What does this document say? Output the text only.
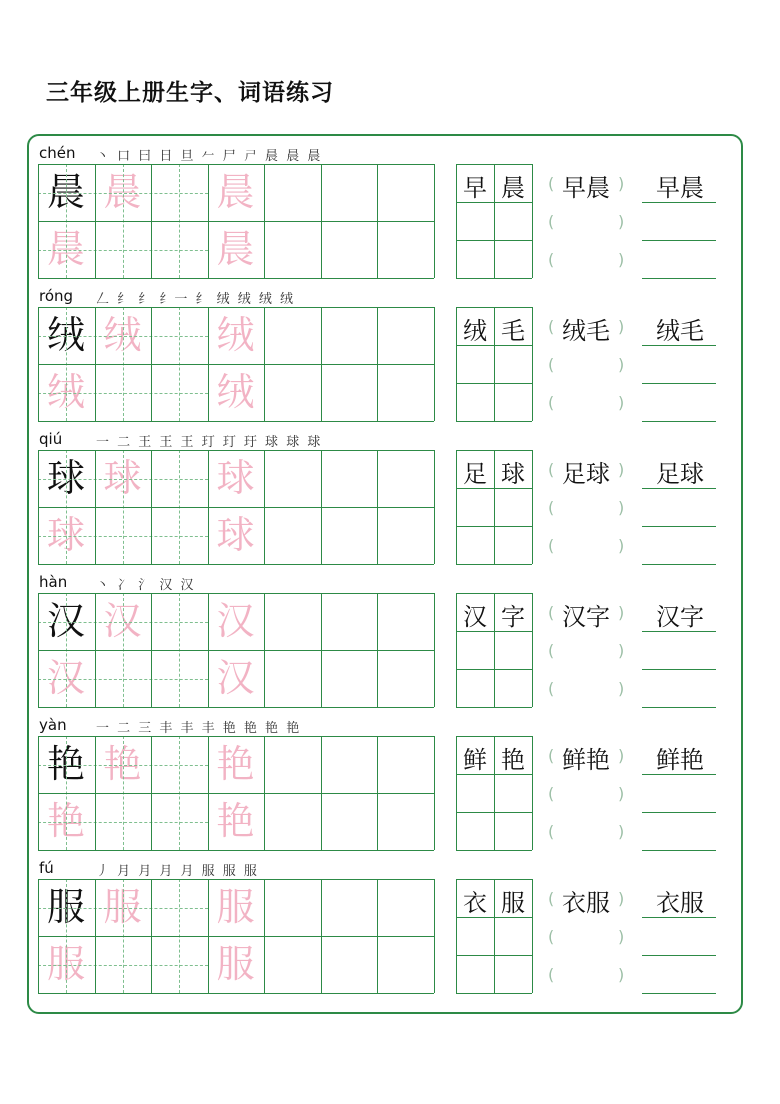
三年级上册生字、词语练习
chén 丶 口 曰 日 旦 𠂉 尸 𡰣 晨 晨 晨
晨 晨 晨
晨	晨
早 晨	早晨
(	)
(	)
(	)
早晨
róng 𠃋 纟 纟 纟一 纟 绒 绒 绒 绒
绒 绒 绒
绒	绒
绒 毛	绒毛
(	)
(	)
(	)
绒毛
qiú	一 二 王 王 王 玎 玎 玗 球 球 球
球 球 球
球	球
足 球	足球
(	)
(	)
(	)
足球
hàn 丶 冫 氵 汉 汉
汉 汉 汉
汉	汉
汉 字	汉字
(	)
(	)
(	)
汉字
yàn 一 二 三 丰 丰 丰 艳 艳 艳 艳
艳 艳 艳
艳	艳
鲜 艳	鲜艳
(	)
(	)
(	)
鲜艳
fú	丿 月 月 月 月 服 服 服
服 服 服
服	服
衣 服	衣服
(	)
(	)
(	)
衣服
